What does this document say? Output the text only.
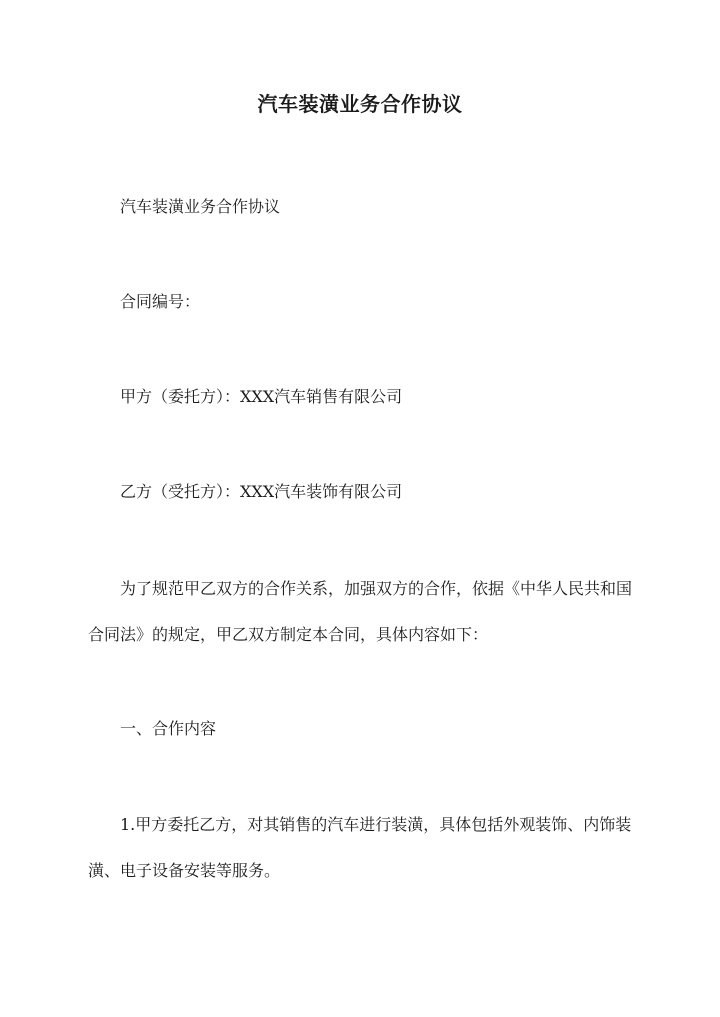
汽车装潢业务合作协议

汽车装潢业务合作协议

合同编号：

甲方（委托方）：XXX汽车销售有限公司

乙方（受托方）：XXX汽车装饰有限公司

为了规范甲乙双方的合作关系，加强双方的合作，依据《中华人民共和国合同法》的规定，甲乙双方制定本合同，具体内容如下：

一、合作内容

1.甲方委托乙方，对其销售的汽车进行装潢，具体包括外观装饰、内饰装潢、电子设备安装等服务。
